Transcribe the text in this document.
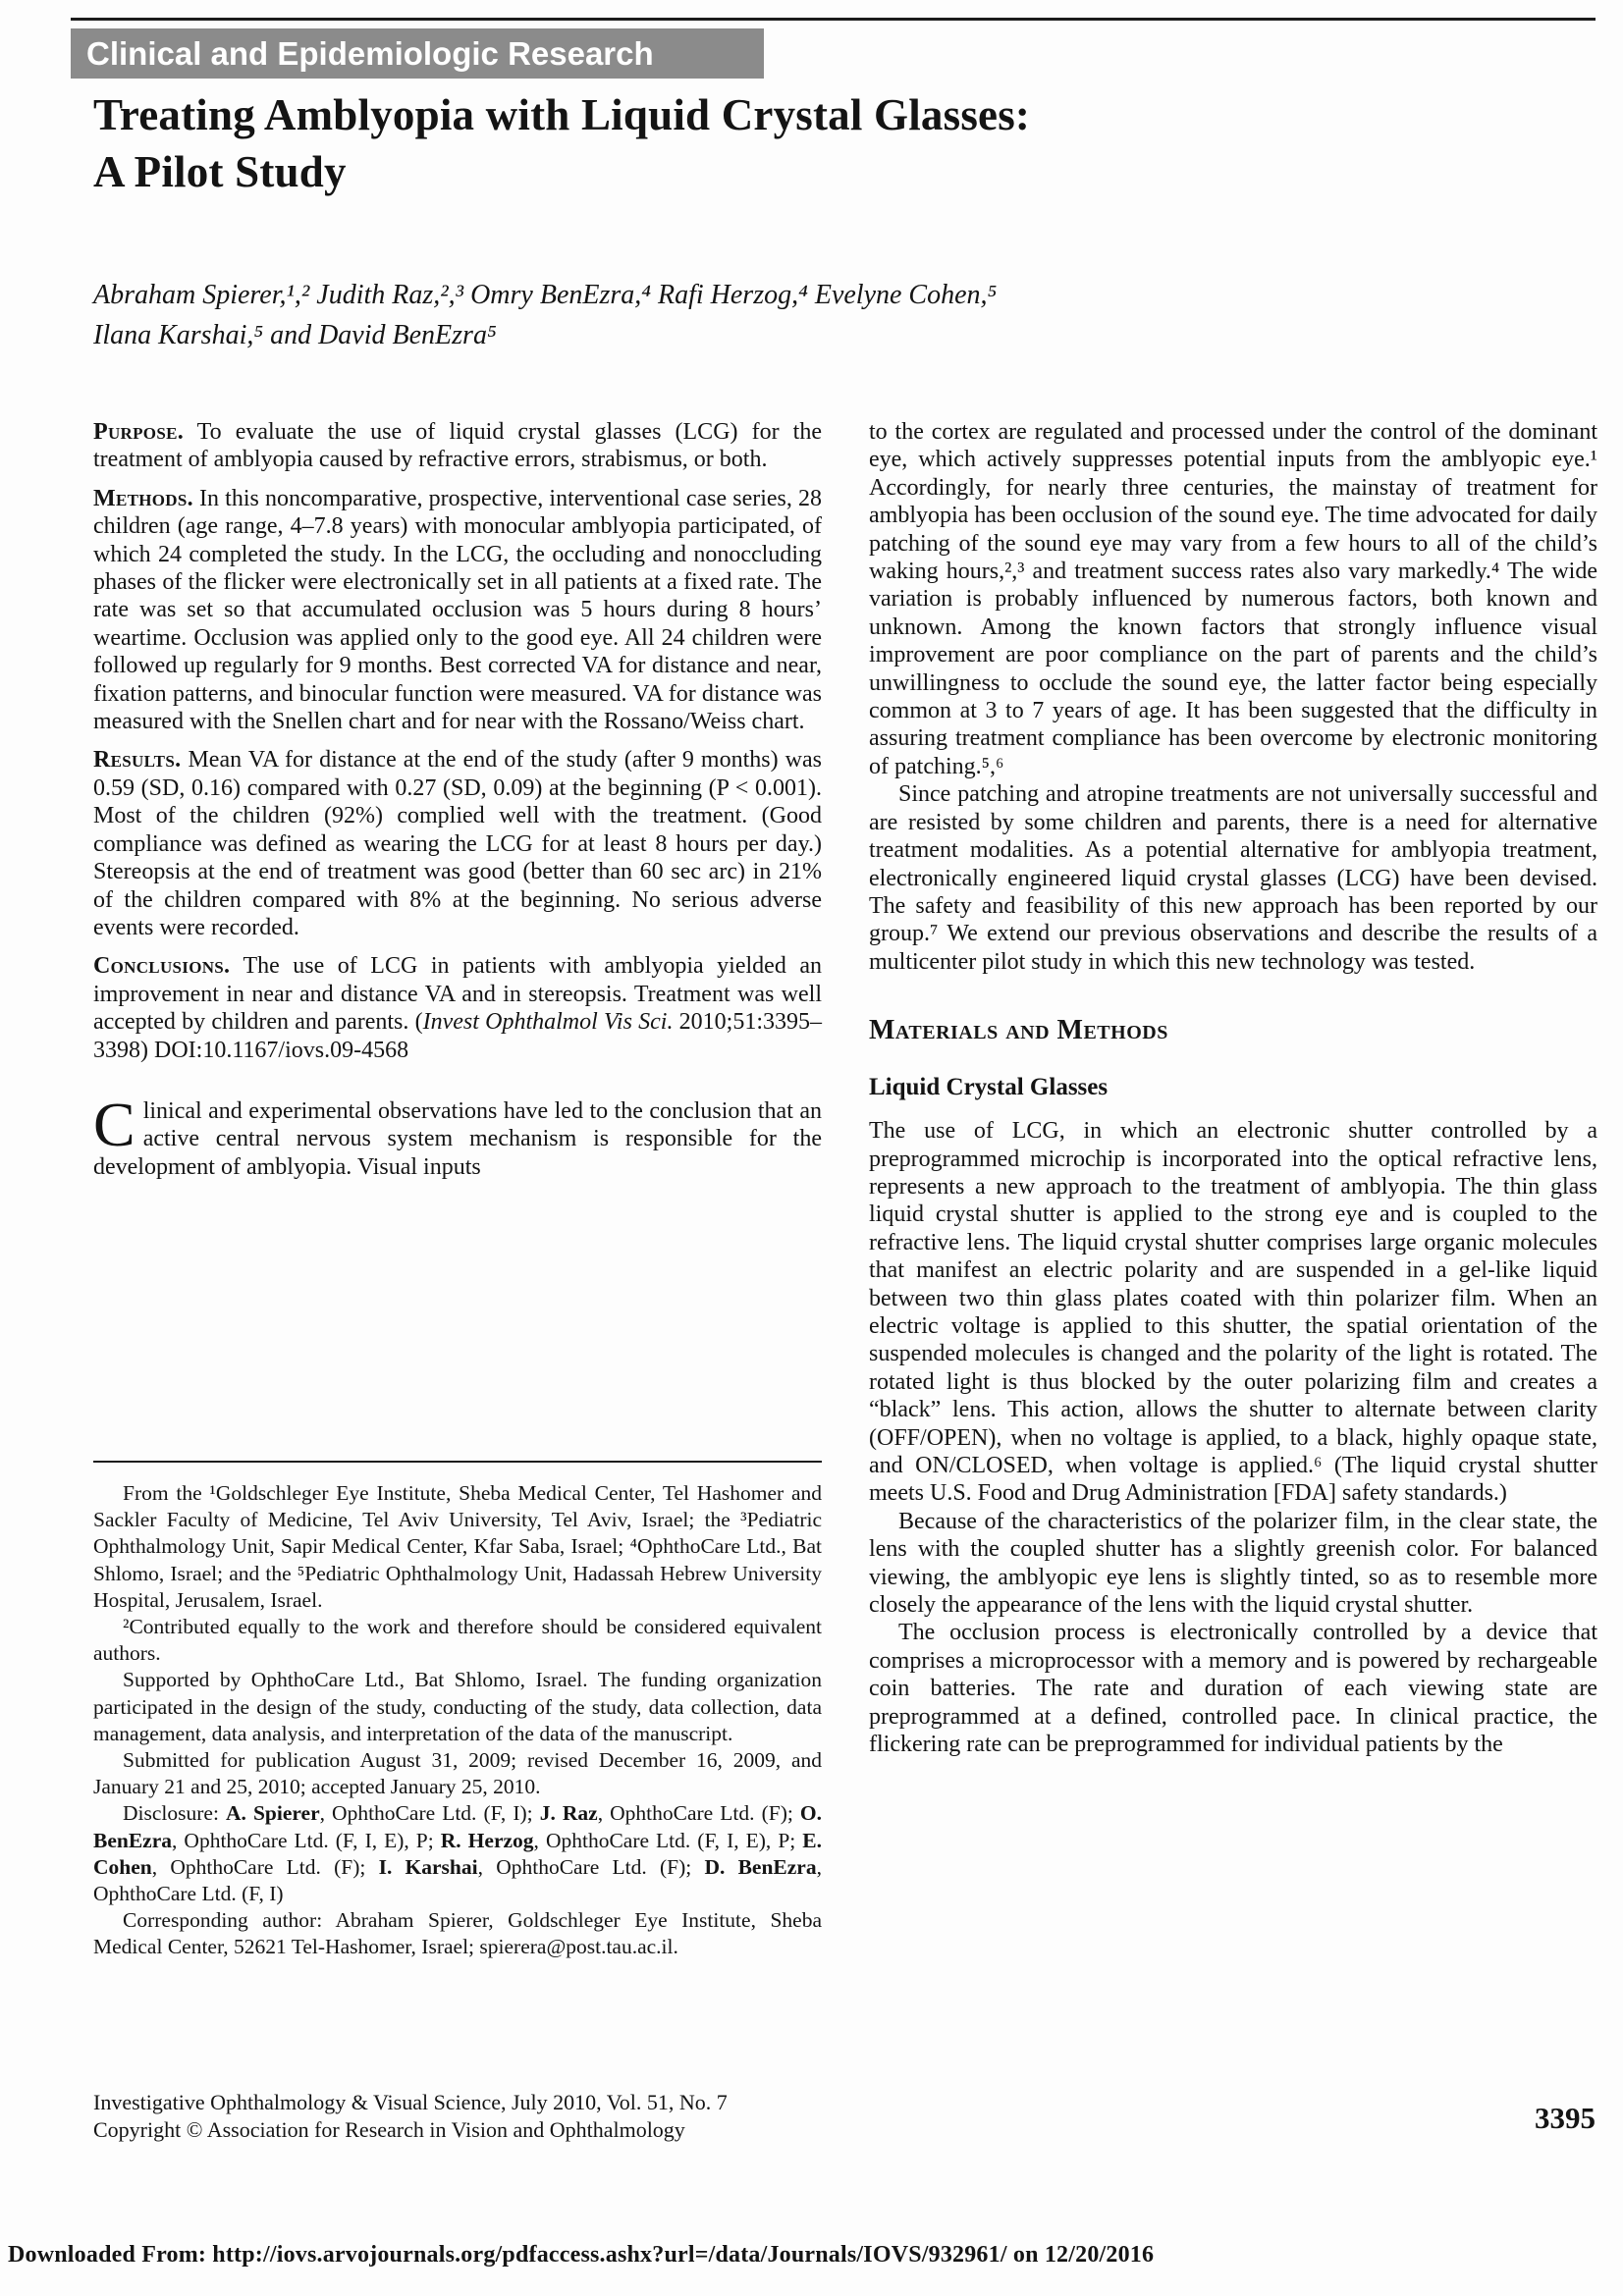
Clinical and Epidemiologic Research
Treating Amblyopia with Liquid Crystal Glasses:
A Pilot Study
Abraham Spierer,¹,² Judith Raz,²,³ Omry BenEzra,⁴ Rafi Herzog,⁴ Evelyne Cohen,⁵
Ilana Karshai,⁵ and David BenEzra⁵

Purpose. To evaluate the use of liquid crystal glasses (LCG) for the treatment of amblyopia caused by refractive errors, strabismus, or both.

Methods. In this noncomparative, prospective, interventional case series, 28 children (age range, 4–7.8 years) with monocular amblyopia participated, of which 24 completed the study. In the LCG, the occluding and nonoccluding phases of the flicker were electronically set in all patients at a fixed rate. The rate was set so that accumulated occlusion was 5 hours during 8 hours’ weartime. Occlusion was applied only to the good eye. All 24 children were followed up regularly for 9 months. Best corrected VA for distance and near, fixation patterns, and binocular function were measured. VA for distance was measured with the Snellen chart and for near with the Rossano/Weiss chart.

Results. Mean VA for distance at the end of the study (after 9 months) was 0.59 (SD, 0.16) compared with 0.27 (SD, 0.09) at the beginning (P < 0.001). Most of the children (92%) complied well with the treatment. (Good compliance was defined as wearing the LCG for at least 8 hours per day.) Stereopsis at the end of treatment was good (better than 60 sec arc) in 21% of the children compared with 8% at the beginning. No serious adverse events were recorded.

Conclusions. The use of LCG in patients with amblyopia yielded an improvement in near and distance VA and in stereopsis. Treatment was well accepted by children and parents. (Invest Ophthalmol Vis Sci. 2010;51:3395–3398) DOI:10.1167/iovs.09-4568

Clinical and experimental observations have led to the conclusion that an active central nervous system mechanism is responsible for the development of amblyopia. Visual inputs

From the ¹Goldschleger Eye Institute, Sheba Medical Center, Tel Hashomer and Sackler Faculty of Medicine, Tel Aviv University, Tel Aviv, Israel; the ³Pediatric Ophthalmology Unit, Sapir Medical Center, Kfar Saba, Israel; ⁴OphthoCare Ltd., Bat Shlomo, Israel; and the ⁵Pediatric Ophthalmology Unit, Hadassah Hebrew University Hospital, Jerusalem, Israel.

²Contributed equally to the work and therefore should be considered equivalent authors.

Supported by OphthoCare Ltd., Bat Shlomo, Israel. The funding organization participated in the design of the study, conducting of the study, data collection, data management, data analysis, and interpretation of the data of the manuscript.

Submitted for publication August 31, 2009; revised December 16, 2009, and January 21 and 25, 2010; accepted January 25, 2010.

Disclosure: A. Spierer, OphthoCare Ltd. (F, I); J. Raz, OphthoCare Ltd. (F); O. BenEzra, OphthoCare Ltd. (F, I, E), P; R. Herzog, OphthoCare Ltd. (F, I, E), P; E. Cohen, OphthoCare Ltd. (F); I. Karshai, OphthoCare Ltd. (F); D. BenEzra, OphthoCare Ltd. (F, I)

Corresponding author: Abraham Spierer, Goldschleger Eye Institute, Sheba Medical Center, 52621 Tel-Hashomer, Israel; spierera@post.tau.ac.il.

to the cortex are regulated and processed under the control of the dominant eye, which actively suppresses potential inputs from the amblyopic eye.¹ Accordingly, for nearly three centuries, the mainstay of treatment for amblyopia has been occlusion of the sound eye. The time advocated for daily patching of the sound eye may vary from a few hours to all of the child’s waking hours,²,³ and treatment success rates also vary markedly.⁴ The wide variation is probably influenced by numerous factors, both known and unknown. Among the known factors that strongly influence visual improvement are poor compliance on the part of parents and the child’s unwillingness to occlude the sound eye, the latter factor being especially common at 3 to 7 years of age. It has been suggested that the difficulty in assuring treatment compliance has been overcome by electronic monitoring of patching.⁵,⁶

Since patching and atropine treatments are not universally successful and are resisted by some children and parents, there is a need for alternative treatment modalities. As a potential alternative for amblyopia treatment, electronically engineered liquid crystal glasses (LCG) have been devised. The safety and feasibility of this new approach has been reported by our group.⁷ We extend our previous observations and describe the results of a multicenter pilot study in which this new technology was tested.

Materials and Methods
Liquid Crystal Glasses

The use of LCG, in which an electronic shutter controlled by a preprogrammed microchip is incorporated into the optical refractive lens, represents a new approach to the treatment of amblyopia. The thin glass liquid crystal shutter is applied to the strong eye and is coupled to the refractive lens. The liquid crystal shutter comprises large organic molecules that manifest an electric polarity and are suspended in a gel-like liquid between two thin glass plates coated with thin polarizer film. When an electric voltage is applied to this shutter, the spatial orientation of the suspended molecules is changed and the polarity of the light is rotated. The rotated light is thus blocked by the outer polarizing film and creates a “black” lens. This action, allows the shutter to alternate between clarity (OFF/OPEN), when no voltage is applied, to a black, highly opaque state, and ON/CLOSED, when voltage is applied.⁶ (The liquid crystal shutter meets U.S. Food and Drug Administration [FDA] safety standards.)

Because of the characteristics of the polarizer film, in the clear state, the lens with the coupled shutter has a slightly greenish color. For balanced viewing, the amblyopic eye lens is slightly tinted, so as to resemble more closely the appearance of the lens with the liquid crystal shutter.

The occlusion process is electronically controlled by a device that comprises a microprocessor with a memory and is powered by rechargeable coin batteries. The rate and duration of each viewing state are preprogrammed at a defined, controlled pace. In clinical practice, the flickering rate can be preprogrammed for individual patients by the

Investigative Ophthalmology & Visual Science, July 2010, Vol. 51, No. 7
Copyright © Association for Research in Vision and Ophthalmology	3395
Downloaded From: http://iovs.arvojournals.org/pdfaccess.ashx?url=/data/Journals/IOVS/932961/ on 12/20/2016
